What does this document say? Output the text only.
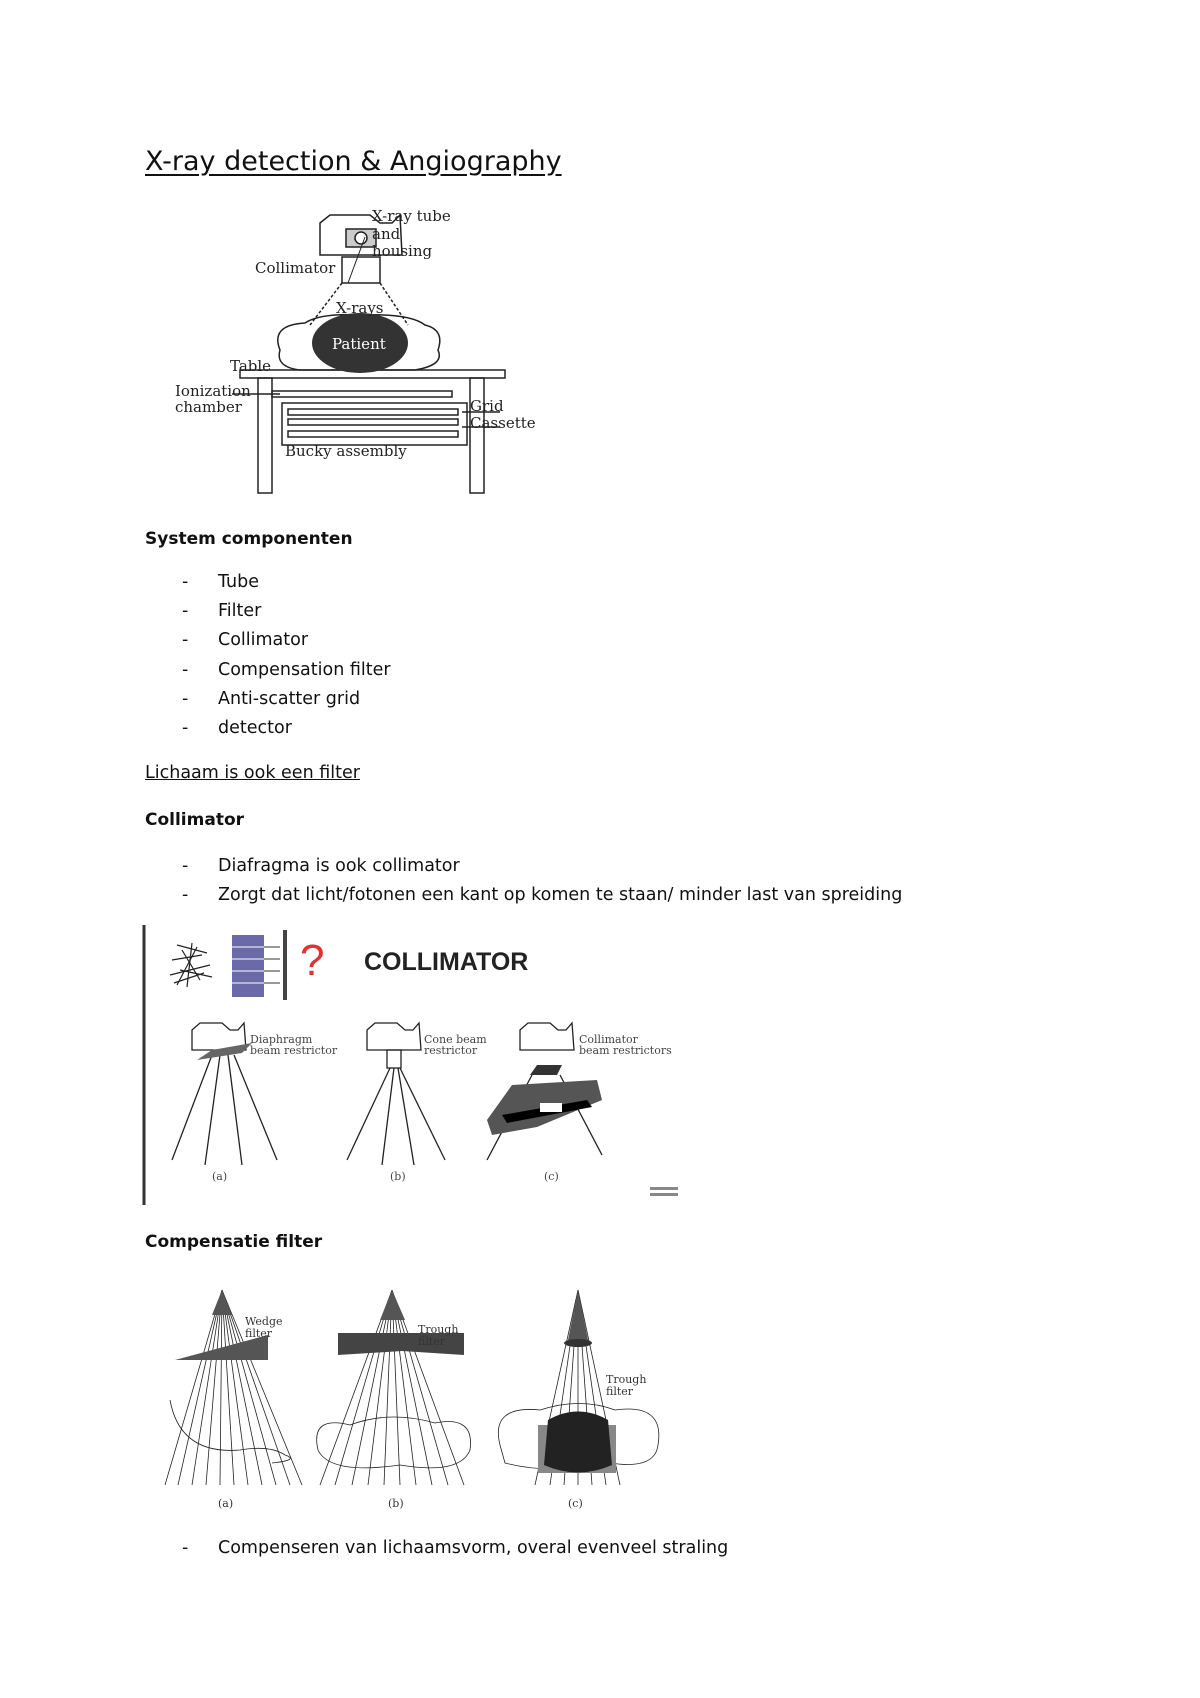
X-ray detection & Angiography
X-ray tube
and
housing
Collimator
X-rays
Patient
Table
Ionization
chamber	Grid
Cassette
Bucky assembly
System componenten
- Tube
- Filter
- Collimator
- Compensation filter
- Anti-scatter grid
- detector
Lichaam is ook een filter
Collimator
- Diafragma is ook collimator
- Zorgt dat licht/fotonen een kant op komen te staan/ minder last van spreiding
? COLLIMATOR
Diaphragm
beam restrictor
Cone beam
restrictor
Collimator
beam restrictors
(a)	(b)	(c)
Compensatie filter
Wedge
filter	Trough
filter
Trough
filter
(a)	(b)	(c)
- Compenseren van lichaamsvorm, overal evenveel straling
